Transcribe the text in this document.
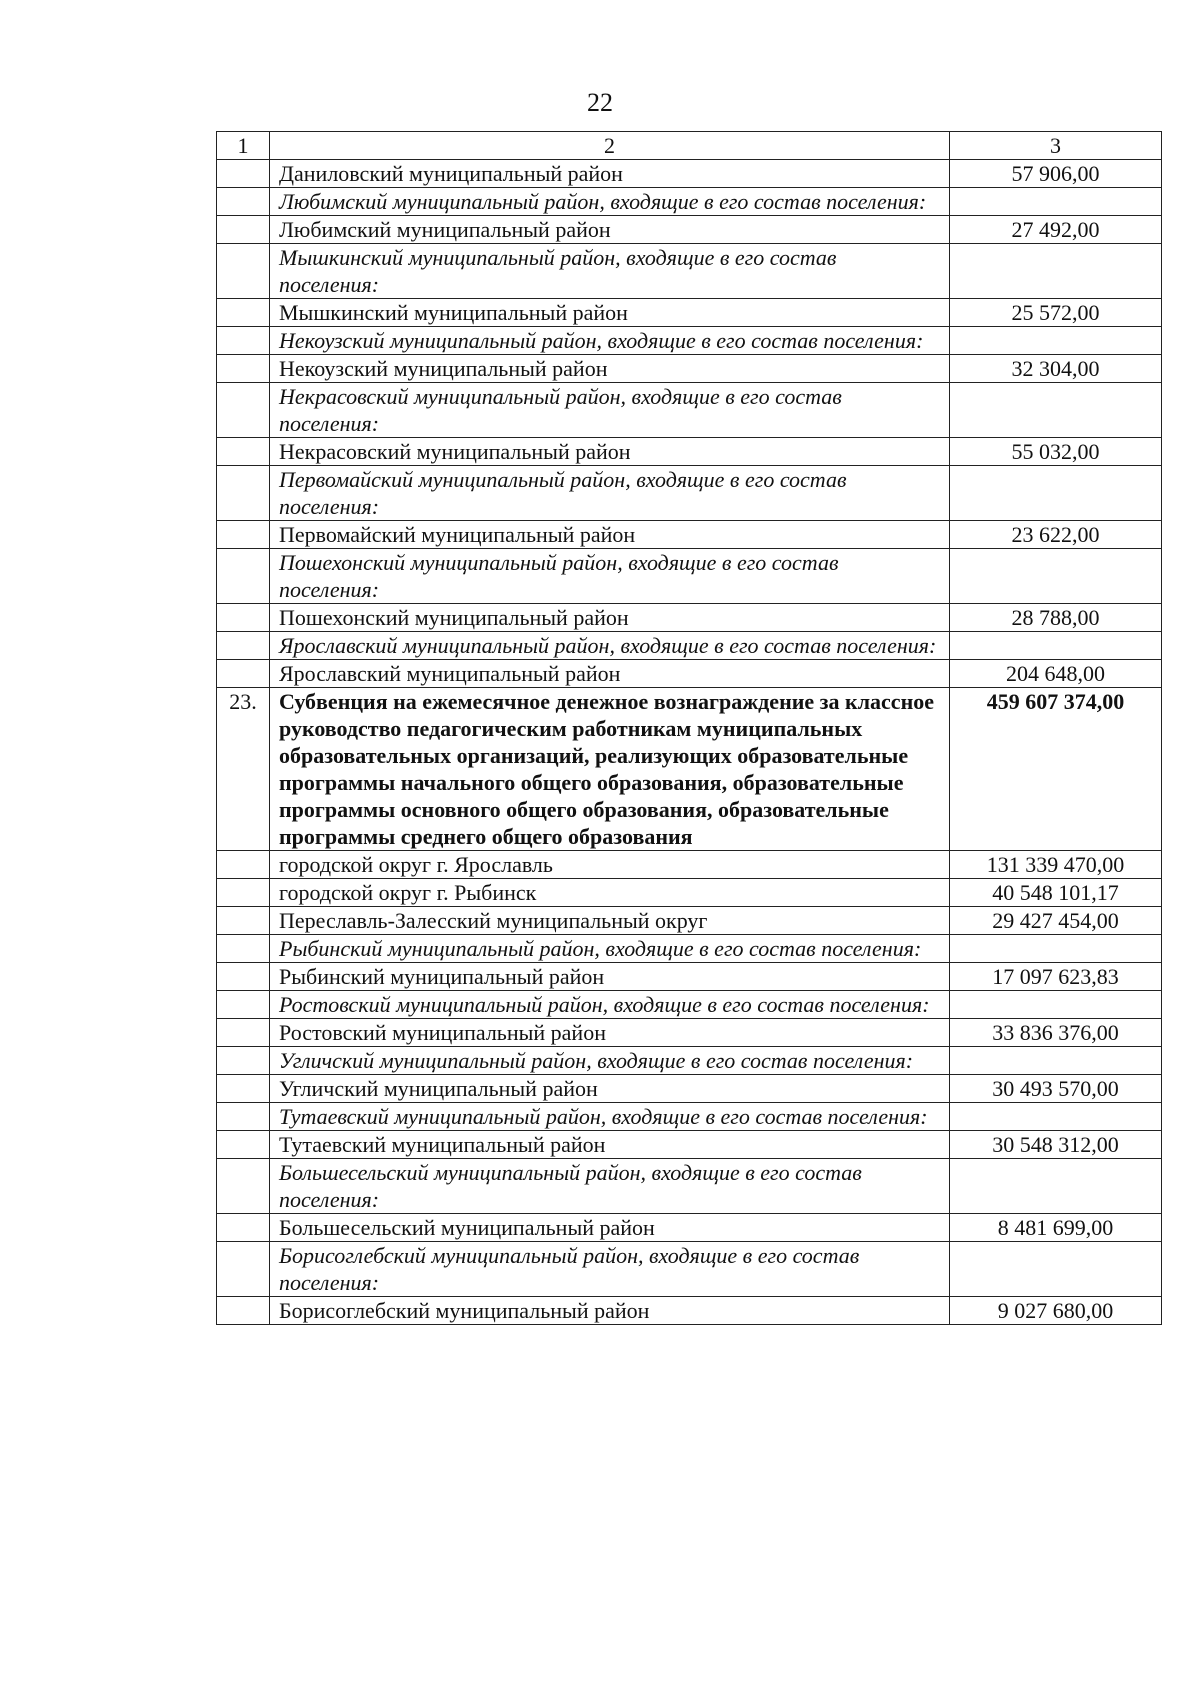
22
1	2	3
	Даниловский муниципальный район	57 906,00
	Любимский муниципальный район, входящие в его состав поселения:	
	Любимский муниципальный район	27 492,00
	Мышкинский муниципальный район, входящие в его состав поселения:	
	Мышкинский муниципальный район	25 572,00
	Некоузский муниципальный район, входящие в его состав поселения:	
	Некоузский муниципальный район	32 304,00
	Некрасовский муниципальный район, входящие в его состав поселения:	
	Некрасовский муниципальный район	55 032,00
	Первомайский муниципальный район, входящие в его состав поселения:	
	Первомайский муниципальный район	23 622,00
	Пошехонский муниципальный район, входящие в его состав поселения:	
	Пошехонский муниципальный район	28 788,00
	Ярославский муниципальный район, входящие в его состав поселения:	
	Ярославский муниципальный район	204 648,00
23.	Субвенция на ежемесячное денежное вознаграждение за классное руководство педагогическим работникам муниципальных образовательных организаций, реализующих образовательные программы начального общего образования, образовательные программы основного общего образования, образовательные программы среднего общего образования	459 607 374,00
	городской округ г. Ярославль	131 339 470,00
	городской округ г. Рыбинск	40 548 101,17
	Переславль-Залесский муниципальный округ	29 427 454,00
	Рыбинский муниципальный район, входящие в его состав поселения:	
	Рыбинский муниципальный район	17 097 623,83
	Ростовский муниципальный район, входящие в его состав поселения:	
	Ростовский муниципальный район	33 836 376,00
	Угличский муниципальный район, входящие в его состав поселения:	
	Угличский муниципальный район	30 493 570,00
	Тутаевский муниципальный район, входящие в его состав поселения:	
	Тутаевский муниципальный район	30 548 312,00
	Большесельский муниципальный район, входящие в его состав поселения:	
	Большесельский муниципальный район	8 481 699,00
	Борисоглебский муниципальный район, входящие в его состав поселения:	
	Борисоглебский муниципальный район	9 027 680,00
